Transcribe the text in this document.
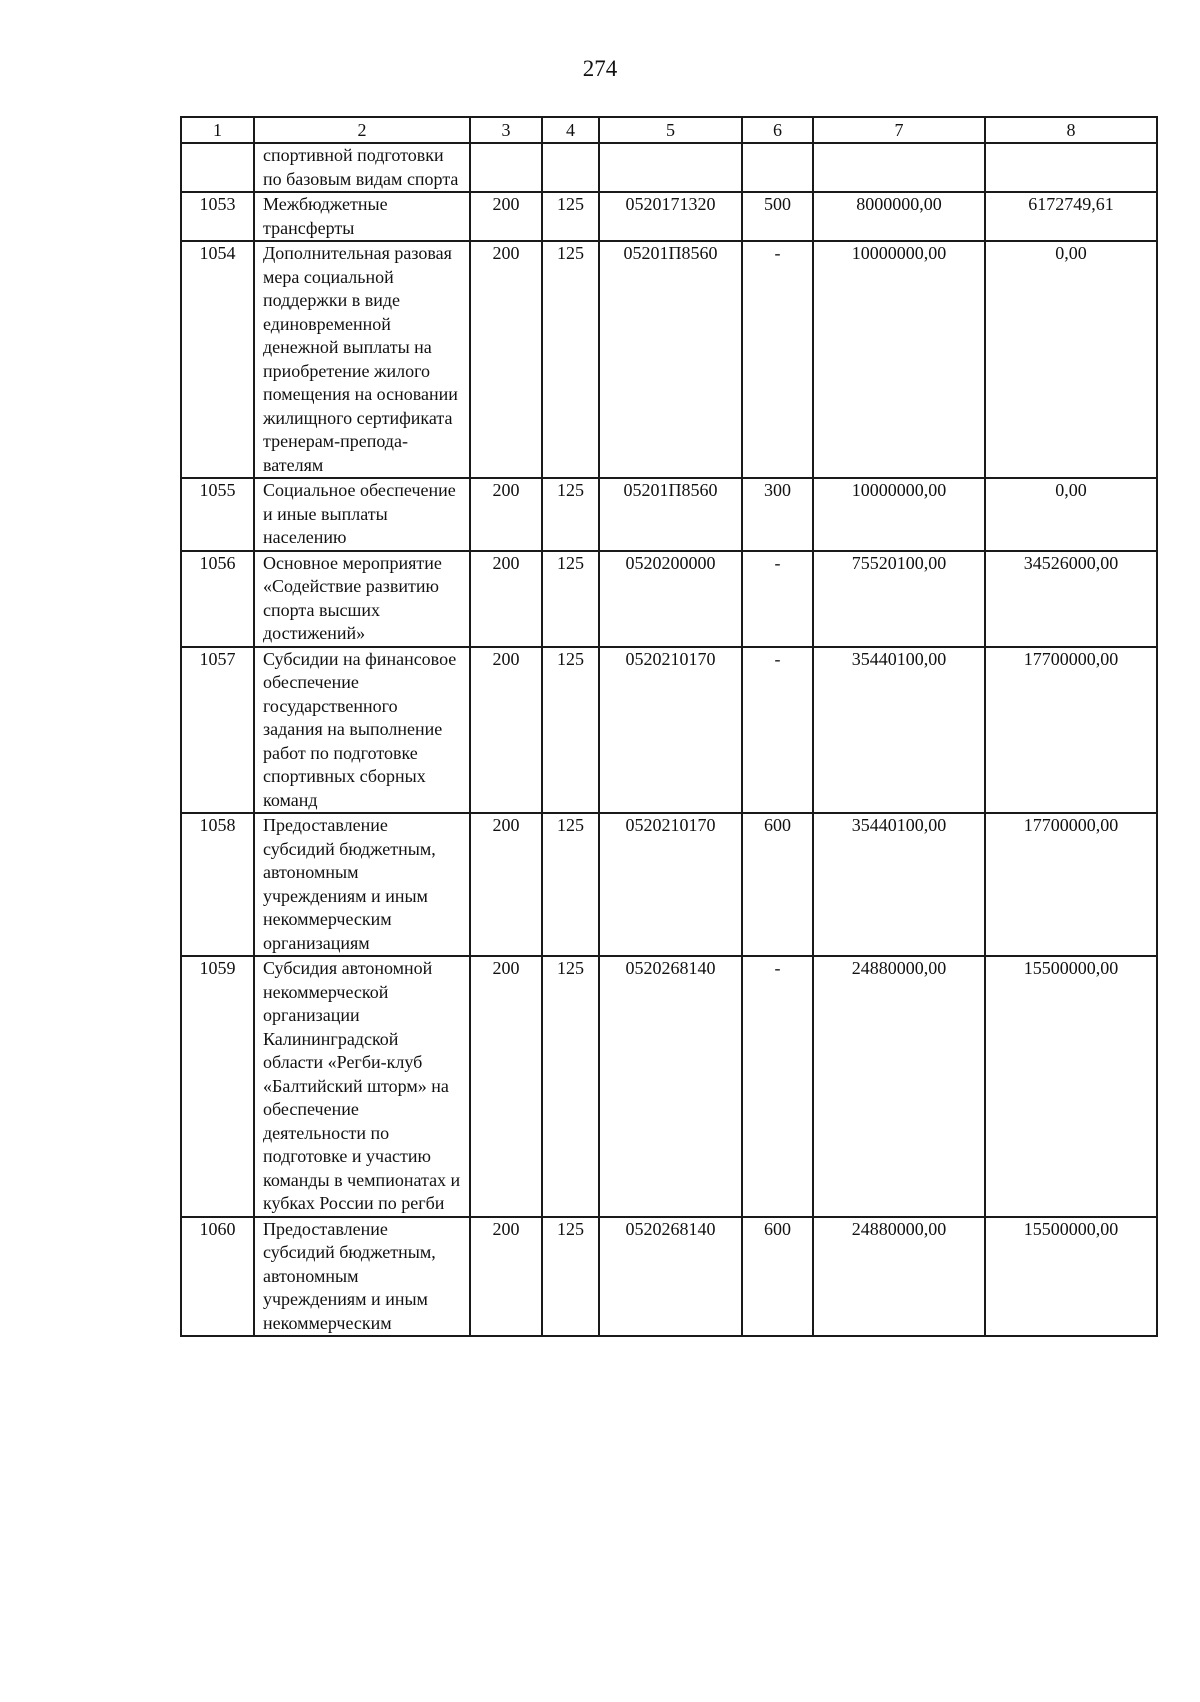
274
1	2	3	4	5	6	7	8
	спортивной подготовки по базовым видам спорта						
1053	Межбюджетные трансферты	200	125	0520171320	500	8000000,00	6172749,61
1054	Дополнительная разовая мера социальной поддержки в виде единовременной денежной выплаты на приобретение жилого помещения на основании жилищного сертификата тренерам-препода- вателям	200	125	05201П8560	-	10000000,00	0,00
1055	Социальное обеспечение и иные выплаты населению	200	125	05201П8560	300	10000000,00	0,00
1056	Основное мероприятие «Содействие развитию спорта высших достижений»	200	125	0520200000	-	75520100,00	34526000,00
1057	Субсидии на финансовое обеспечение государственного задания на выполнение работ по подготовке спортивных сборных команд	200	125	0520210170	-	35440100,00	17700000,00
1058	Предоставление субсидий бюджетным, автономным учреждениям и иным некоммерческим организациям	200	125	0520210170	600	35440100,00	17700000,00
1059	Субсидия автономной некоммерческой организации Калининградской области «Регби-клуб «Балтийский шторм» на обеспечение деятельности по подготовке и участию команды в чемпионатах и кубках России по регби	200	125	0520268140	-	24880000,00	15500000,00
1060	Предоставление субсидий бюджетным, автономным учреждениям и иным некоммерческим	200	125	0520268140	600	24880000,00	15500000,00
